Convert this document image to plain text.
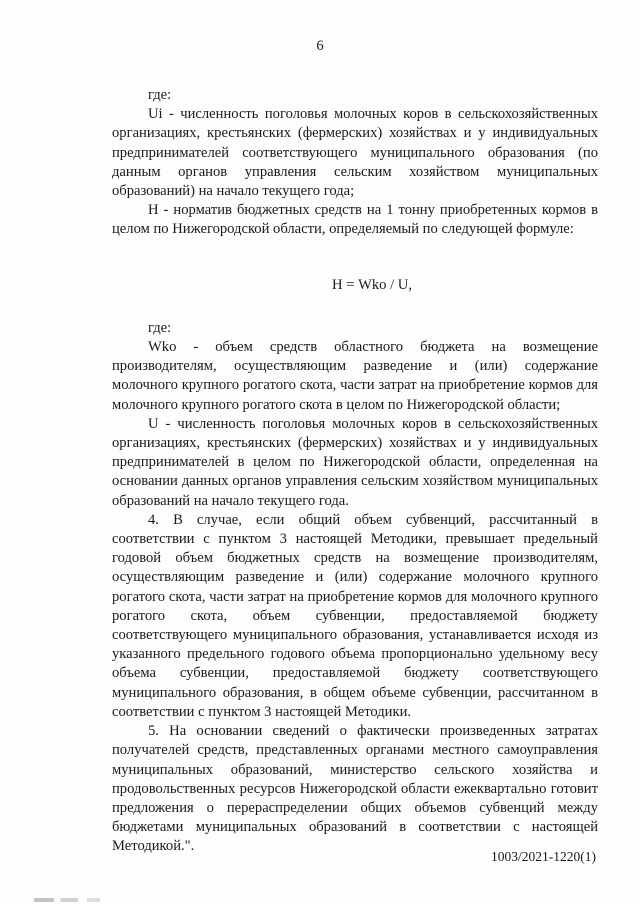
6

где:

Ui - численность поголовья молочных коров в сельскохозяйственных организациях, крестьянских (фермерских) хозяйствах и у индивидуальных предпринимателей соответствующего муниципального образования (по данным органов управления сельским хозяйством муниципальных образований) на начало текущего года;

Н - норматив бюджетных средств на 1 тонну приобретенных кормов в целом по Нижегородской области, определяемый по следующей формуле:

Н = Wko / U,

где:

Wko - объем средств областного бюджета на возмещение производителям, осуществляющим разведение и (или) содержание молочного крупного рогатого скота, части затрат на приобретение кормов для молочного крупного рогатого скота в целом по Нижегородской области;

U - численность поголовья молочных коров в сельскохозяйственных организациях, крестьянских (фермерских) хозяйствах и у индивидуальных предпринимателей в целом по Нижегородской области, определенная на основании данных органов управления сельским хозяйством муниципальных образований на начало текущего года.

4. В случае, если общий объем субвенций, рассчитанный в соответствии с пунктом 3 настоящей Методики, превышает предельный годовой объем бюджетных средств на возмещение производителям, осуществляющим разведение и (или) содержание молочного крупного рогатого скота, части затрат на приобретение кормов для молочного крупного рогатого скота, объем субвенции, предоставляемой бюджету соответствующего муниципального образования, устанавливается исходя из указанного предельного годового объема пропорционально удельному весу объема субвенции, предоставляемой бюджету соответствующего муниципального образования, в общем объеме субвенции, рассчитанном в соответствии с пунктом 3 настоящей Методики.

5. На основании сведений о фактически произведенных затратах получателей средств, представленных органами местного самоуправления муниципальных образований, министерство сельского хозяйства и продовольственных ресурсов Нижегородской области ежеквартально готовит предложения о перераспределении общих объемов субвенций между бюджетами муниципальных образований в соответствии с настоящей Методикой.".

1003/2021-1220(1)
